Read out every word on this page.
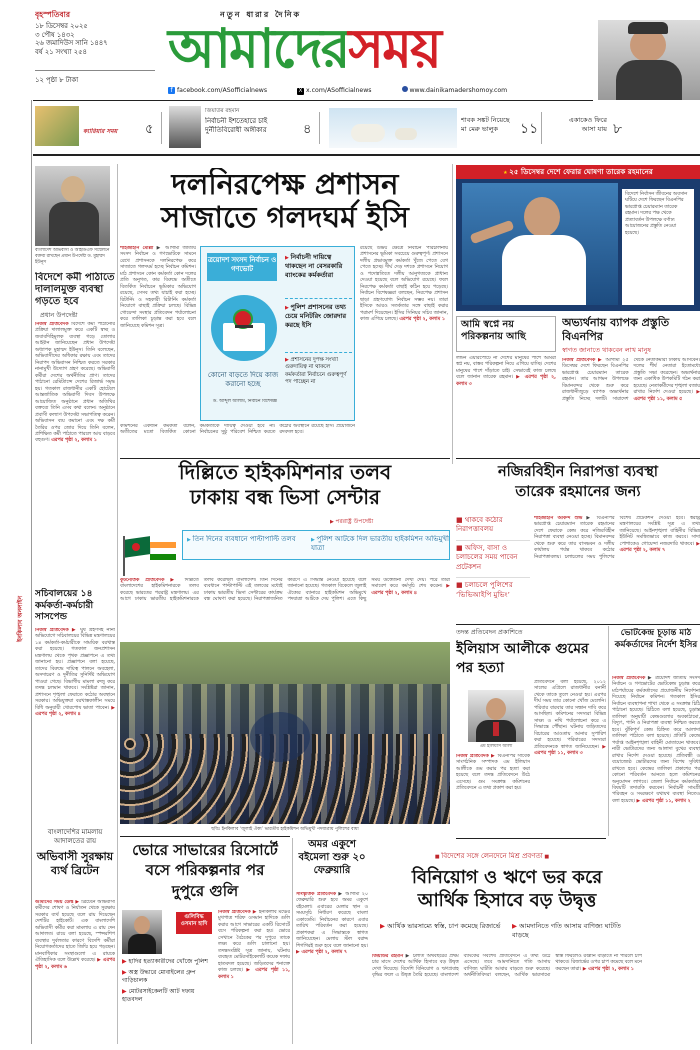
বৃহস্পতিবার
১৮ ডিসেম্বর ২০২৫
৩ পৌষ ১৪৩২
২৬ জমাদিউস সানি ১৪৪৭
বর্ষ ২১ সংখ্যা ২৫৪
১২ পৃষ্ঠা ৮ টাকা
নতুন ধারার দৈনিক
আমাদেরসময়
f facebook.com/ASofficialnews	X x.com/ASofficialnews	www.dainikamadershomoy.com
ক্যারিয়ার সময়	৫
জিয়াউর রহমান
নির্বাচনী ইশতেহারে চাই
দুর্নীতিবিরোধী অঙ্গীকার	৪
শাবক সঙ্কট নিয়েছে
মা মেরু ভালুক	১১
একাকেও ফিরে
আসা যায় ৮
বাংলাদেশ অভিবাসী ও আইডিএফ সম্মেলনে বক্তব্য রাখছেন প্রধান উপদেষ্টা ড. মুহাম্মদ ইউনূস
বিদেশে কর্মী পাঠাতে দালালমুক্ত ব্যবস্থা গড়তে হবে
প্রধান উপদেষ্টা
নিজস্ব প্রতিবেদক বিদেশে কর্মী পাঠানোর প্রক্রিয়া দালালমুক্ত করে একটি স্বচ্ছ ও জবাবদিহিমূলক ব্যবস্থা গড়ে তোলার আহ্বান জানিয়েছেন প্রধান উপদেষ্টা অধ্যাপক মুহাম্মদ ইউনূস। তিনি বলেছেন, অভিবাসীদের অধিকার রক্ষায় এবং তাদের নিরাপদ অভিবাসন নিশ্চিত করতে সরকার নানামুখী উদ্যোগ গ্রহণ করেছে। অভিবাসী কর্মীরা দেশের অর্থনীতির প্রাণ। তাদের পাঠানো রেমিট্যান্সে দেশের রিজার্ভ সমৃদ্ধ হয়। গতকাল রাজধানীর একটি হোটেলে আন্তর্জাতিক অভিবাসী দিবস উপলক্ষে আয়োজিত অনুষ্ঠানে প্রধান অতিথির বক্তব্যে তিনি এসব কথা বলেন। অনুষ্ঠানে প্রবাসী কল্যাণ উপদেষ্টা সভাপতিত্ব করেন। অভিবাসন ব্যয় কমানো এবং দক্ষ কর্মী তৈরির ওপর জোর দিয়ে তিনি বলেন, প্রশিক্ষিত কর্মী পাঠাতে পারলে আয় বাড়বে বহুগুণ। এরপর পৃষ্ঠা ২, কলাম ১
ইনকিলাব অনলাইন
সচিবালয়ের ১৪ কর্মকর্তা-কর্মচারী সাসপেন্ড
নিজস্ব প্রতিবেদক ▶ ঘুষ গ্রহণসহ নানা অভিযোগে সচিবালয়ের বিভিন্ন মন্ত্রণালয়ের ১৪ কর্মকর্তা-কর্মচারীকে সাময়িক বরখাস্ত করা হয়েছে। গতকাল জনপ্রশাসন মন্ত্রণালয় থেকে পৃথক প্রজ্ঞাপনে এ তথ্য জানানো হয়। প্রজ্ঞাপনে বলা হয়েছে, তাদের বিরুদ্ধে দায়িত্ব পালনে অবহেলা, অসদাচরণ ও দুর্নীতির সুনির্দিষ্ট অভিযোগ পাওয়া গেছে। বিভাগীয় মামলা রুজু করে তদন্ত চলমান থাকবে। সংশ্লিষ্টরা জানান, প্রশাসনে শৃঙ্খলা ফেরাতে কঠোর অবস্থানে সরকার। অভিযুক্তরা বরখাস্তকালীন সময়ে বিধি অনুযায়ী খোরপোষ ভাতা পাবেন। ▶ এরপর পৃষ্ঠা ২, কলাম ৪
বাংলাদেশির মামলায় আদালতের রায়
অভিবাসী সুরক্ষায় ব্যর্থ ব্রিটেন
আমাদের সময় ডেস্ক ▶ ব্রিটেনে অভিবাসী কর্মীদের শোষণ ও নির্যাতন থেকে সুরক্ষায় সরকার ব্যর্থ হয়েছে বলে রায় দিয়েছেন দেশটির হাইকোর্ট। এক বাংলাদেশি অভিবাসী কর্মীর করা মামলায় এ রায় দেন আদালত। রায়ে বলা হয়েছে, স্পন্সরশিপ ব্যবস্থার দুর্বলতার কারণে বিদেশি কর্মীরা নিয়োগকর্তাদের হাতে জিম্মি হয়ে পড়ছেন। মানবাধিকার সংস্থাগুলো এ রায়কে ঐতিহাসিক বলে উল্লেখ করেছে। ▶ এরপর পৃষ্ঠা ২, কলাম ৬
দলনিরপেক্ষ প্রশাসন
সাজাতে গলদঘর্ম ইসি
ত্রয়োদশ সংসদ নির্বাচন ও গণভোট
কোনো বাড়তে দিয়ে কাজ করানো হচ্ছে
ড. আব্দুল আলীম, নির্বাচন বিশেষজ্ঞ
▶ নির্বাচনী দায়িত্বে থাকছেন না বেসরকারি ব্যাংকের কর্মকর্তারা
▶ পুলিশ প্রশাসনের তথ্য চেয়ে মনিটরিং জোরদার করছে ইসি
▶ প্রশাসনের দুপক্ষ সংখ্যা গুরুদায়িত্ব না থাকলে কর্মকর্তারা নির্বাচনে গুরুত্বপূর্ণ পদ পাচ্ছেন না
শাহজাহান মোল্লা ▶ আগামী জাতীয় সংসদ নির্বাচন ও গণভোটকে সামনে রেখে প্রশাসনকে দলনিরপেক্ষ করে সাজাতে গলদঘর্ম হচ্ছে নির্বাচন কমিশন। মাঠ প্রশাসনে কোন কর্মকর্তা কোন দলের প্রতি অনুগত, কার বিরুদ্ধে অতীতে বিতর্কিত নির্বাচনে ভূমিকার অভিযোগ রয়েছে, সেসব তথ্য যাচাই করা হচ্ছে। রিটার্নিং ও সহকারী রিটার্নিং কর্মকর্তা নিয়োগে বাছাই প্রক্রিয়া চলছে। বিভিন্ন গোয়েন্দা সংস্থার প্রতিবেদন পর্যালোচনা করে তালিকা চূড়ান্ত করা হবে বলে জানিয়েছে কমিশন সূত্র।
কমিশনের একজন কর্মকর্তা বলেন, অতীতের মতো বিতর্কিত কোনো কর্মকর্তাকে দায়িত্ব দেওয়া হবে না। নির্বাচনের সুষ্ঠু পরিবেশ নিশ্চিত করতে কঠোর অবস্থানে রয়েছে ইসি। প্রয়োজনে রদবদল হবে।
রয়েছে উভয় ক্ষেত্রে নির্বাচন পরিচালনায় প্রশাসনের ভূমিকা সবচেয়ে গুরুত্বপূর্ণ। প্রশাসনে দলীয় প্রভাবমুক্ত কর্মকর্তা খুঁজে পেতে বেগ পেতে হচ্ছে। দীর্ঘ দেড় দশকে প্রশাসনে নিয়োগ ও পদোন্নতিতে দলীয় আনুগত্যকে প্রাধান্য দেওয়া হয়েছে বলে অভিযোগ রয়েছে। ফলে নিরপেক্ষ কর্মকর্তা বাছাই কঠিন হয়ে পড়েছে। নির্বাচন বিশেষজ্ঞরা বলছেন, নিরপেক্ষ প্রশাসন ছাড়া গ্রহণযোগ্য নির্বাচন সম্ভব নয়। তারা ইসিকে আরও সতর্কতার সঙ্গে বাছাই করার পরামর্শ দিয়েছেন। ইসির সিনিয়র সচিব জানান, কাজ এগিয়ে চলছে। এরপর পৃষ্ঠা ২, কলাম ১
★ ২৫ ডিসেম্বর দেশে ফেরার ঘোষণা তারেক রহমানের
বিদেশে নির্বাসন জীবনের অবসান ঘটিয়ে দেশে ফিরছেন বিএনপির ভারপ্রাপ্ত চেয়ারম্যান তারেক রহমান। দলের পক্ষ থেকে প্রত্যাবর্তন উপলক্ষে বর্ণাঢ্য আয়োজনের প্রস্তুতি নেওয়া হয়েছে।
আমি স্বপ্নে নয় পরিকল্পনায় আছি
লন্ডন এয়ারপোর্টে না দেশের মানুষের পাশে আমরা স্বপ্ন নয়, বাস্তব পরিকল্পনা নিয়ে এগিয়ে যাচ্ছি। দেশের মানুষের পাশে দাঁড়াতে চাই। সেভাবেই কাজ চলছে বলে জানান তারেক রহমান। ▶ এরপর পৃষ্ঠা ২, কলাম ৩
অভ্যর্থনায় ব্যাপক প্রস্তুতি বিএনপির
স্বাগত জানাতে থাকবেন লাখ মানুষ
নিজস্ব প্রতিবেদক ▶ আগামী ২৫ ডিসেম্বর দেশে ফিরছেন বিএনপির ভারপ্রাপ্ত চেয়ারম্যান তারেক রহমান। তার আগমন উপলক্ষে বিমানবন্দর থেকে শুরু করে রাজধানীজুড়ে ব্যাপক অভ্যর্থনার প্রস্তুতি নিচ্ছে দলটি। সারাদেশ থেকে নেতাকর্মীরা ঢাকায় আসবেন। দলের শীর্ষ নেতারা ইতোমধ্যে প্রস্তুতি সভা করেছেন। অভ্যর্থনার জন্য একাধিক উপকমিটি গঠন করা হয়েছে। নেতাকর্মীদের শৃঙ্খলা বজায় রাখার নির্দেশ দেওয়া হয়েছে। ▶ এরপর পৃষ্ঠা ১১, কলাম ৫
দিল্লিতে হাইকমিশনার তলব
ঢাকায় বন্ধ ভিসা সেন্টার
▶ পররাষ্ট্র উপদেষ্টা
▶ তিন দিনের ব্যবধানে পাল্টাপাল্টি তলব	▶ পুলিশ আটকে দিল ভারতীয় হাইকমিশন অভিমুখী যাত্রা
কূটনৈতিক প্রতিবেদক ▶ দিল্লিতে বাংলাদেশের হাইকমিশনারকে তলব করেছে ভারতের পররাষ্ট্র মন্ত্রণালয়। এর আগে ঢাকায় ভারতীয় হাইকমিশনারকে তলব করেছিল বাংলাদেশ। তিন দিনের ব্যবধানে পাল্টাপাল্টি এই তলবের মধ্যেই ঢাকায় ভারতীয় ভিসা সেন্টারের কার্যক্রম বন্ধ ঘোষণা করা হয়েছে। নিরাপত্তাজনিত কারণে এ সিদ্ধান্ত নেওয়া হয়েছে বলে জানানো হয়েছে। গতকাল বিকেলে জুলাই ঐক্যের ব্যানারে হাইকমিশন অভিমুখে পদযাত্রা আটকে দেয় পুলিশ। এতে কিছু সময় উত্তেজনা দেখা দেয়। পরে তারা সমাবেশ করে কর্মসূচি শেষ করেন। ▶ এরপর পৃষ্ঠা ২, কলাম ৪
ছবিঃ ইনকিলাব ‘জুলাই ঐক্য’ ভারতীয় হাইকমিশন অভিমুখী পদযাত্রায় পুলিশের বাধা
ভোরে সাভারের রিসোর্টে
বসে পরিকল্পনার পর
দুপুরে গুলি
গুলিবিদ্ধ
ওসমান হাদি
▶ হাদির হত্যাকারীদের খোঁজে পুলিশ
▶ অস্ত্র উদ্ধারে মোবাইলের গ্রুপ গাড়িচালক
▶ মোটরসাইকেলটি আট দফায় হাতবদল
নিজস্ব প্রতিবেদক ▶ ইনকিলাব মঞ্চের মুখপাত্র শরিফ ওসমান হাদিকে গুলি করার আগে সাভারের একটি রিসোর্টে বসে পরিকল্পনা করা হয়। ভোরে সেখানে বৈঠকের পর দুপুরে তাকে লক্ষ্য করে গুলি চালানো হয়। তদন্তসংশ্লিষ্ট সূত্র জানায়, ঘটনায় ব্যবহৃত মোটরসাইকেলটি কয়েক দফায় হাতবদল হয়েছে। জড়িতদের শনাক্তে কাজ চলছে। ▶ এরপর পৃষ্ঠা ১১, কলাম ১
অমর একুশে বইমেলা শুরু ২০ ফেব্রুয়ারি
সাংস্কৃতিক প্রতিবেদক ▶ আগামী ২০ ফেব্রুয়ারি শুরু হবে অমর একুশে বইমেলা। এবারের মেলার স্থান ও সময়সূচি নির্ধারণ করেছে বাংলা একাডেমি। নির্বাচনের কারণে এবার তারিখ পরিবর্তন করা হয়েছে। প্রকাশকরা এ সিদ্ধান্তকে স্বাগত জানিয়েছেন। মেলায় স্টল বরাদ্দ শিগগিরই শুরু হবে বলে জানানো হয়। ▶ এরপর পৃষ্ঠা ২, কলাম ৭
■ বিদেশের সঙ্গে লেনদেনে মিশ্র প্রবণতা ■
বিনিয়োগ ও ঋণে ভর করে
আর্থিক হিসাবে বড় উদ্বৃত্ত
▶ আর্থিক ভারসাম্যে স্বস্তি, চাপ কমেছে রিজার্ভে	▶ আমদানিতে গতি আসায় বাণিজ্য ঘাটতি বাড়ছে
জিয়াউর রহমান ▶ চলতি অর্থবছরের প্রথম চার মাসে দেশের আর্থিক হিসাবে বড় উদ্বৃত্ত দেখা দিয়েছে। বিদেশি বিনিয়োগ ও ঋণপ্রবাহ বৃদ্ধির ফলে এ উদ্বৃত্ত তৈরি হয়েছে। বাংলাদেশ ব্যাংকের সর্বশেষ প্রতিবেদনে এ তথ্য উঠে এসেছে। তবে আমদানিতে গতি আসায় বাণিজ্য ঘাটতি আবার বাড়তে শুরু করেছে। অর্থনীতিবিদরা বলছেন, আর্থিক ভারসাম্যে স্বস্তি ফিরলেও রপ্তানি বাড়াতে না পারলে চাপ থাকবে। রিজার্ভের ওপর চাপ কমেছে বলে মনে করছেন তারা। ▶ এরপর পৃষ্ঠা ২, কলাম ১
নজিরবিহীন নিরাপত্তা ব্যবস্থা
তারেক রহমানের জন্য
■ থাকবে কঠোর নিরাপত্তাবলয়
■ অফিস, বাসা ও চলাচলের সময় পাবেন প্রটেকশন
■ চলাচলে পুলিশের ‘ভিভিআইপি মুভিং’
শাহজাহান আকন্দ শুভ ▶ বিএনপির ভারপ্রাপ্ত চেয়ারম্যান তারেক রহমানের দেশে ফেরাকে কেন্দ্র করে নজিরবিহীন নিরাপত্তা ব্যবস্থা নেওয়া হচ্ছে। বিমানবন্দর থেকে শুরু করে তার বাসভবন ও দলীয় কার্যালয় পর্যন্ত থাকবে কঠোর নিরাপত্তাবলয়। চলাচলের সময় পুলিশের বিশেষ প্রটেকশন দেওয়া হবে। স্বরাষ্ট্র মন্ত্রণালয়ের সংশ্লিষ্ট সূত্র এ তথ্য জানিয়েছে। আইনশৃঙ্খলা বাহিনীর বিভিন্ন ইউনিট সমন্বিতভাবে কাজ করবে। সাদা পোশাকেও গোয়েন্দা নজরদারি থাকবে। ▶ এরপর পৃষ্ঠা ২, কলাম ৭
তদন্ত প্রতিবেদন প্রকাশিতে
ইলিয়াস আলীকে গুমের পর হত্যা
এম ইলিয়াস আলী
নিজস্ব প্রতিবেদক ▶ বিএনপির সাবেক সাংগঠনিক সম্পাদক এম ইলিয়াস আলীকে গুম করার পর হত্যা করা হয়েছে বলে তদন্ত প্রতিবেদনে উঠে এসেছে। গুম সংক্রান্ত কমিশনের প্রতিবেদনে এ তথ্য প্রকাশ করা হয়।
প্রতিবেদনে বলা হয়েছে, ২০১২ সালের এপ্রিলে রাজধানীর বনানী থেকে তাকে তুলে নেওয়া হয়। এরপর দীর্ঘ সময় তার কোনো খোঁজ মেলেনি। পরিবার বারবার তার সন্ধান দাবি করে আসছিল। কমিশনের সদস্যরা বিভিন্ন সাক্ষ্য ও নথি পর্যালোচনা করে এ সিদ্ধান্তে পৌঁছান। ঘটনায় জড়িতদের বিচারের আওতায় আনার সুপারিশ করা হয়েছে। পরিবারের সদস্যরা প্রতিবেদনকে স্বাগত জানিয়েছেন। ▶ এরপর পৃষ্ঠা ১১, কলাম ৩
ভোটকেন্দ্র চূড়ান্ত মাঠ কর্মকর্তাদের নির্দেশ ইসির
নিজস্ব প্রতিবেদক ▶ ত্রয়োদশ জাতীয় সংসদ নির্বাচন ও গণভোটের ভোটকেন্দ্র চূড়ান্ত করে মাঠপর্যায়ের কর্মকর্তাদের প্রয়োজনীয় নির্দেশনা দিয়েছে নির্বাচন কমিশন। গতকাল ইসির নির্বাচন ব্যবস্থাপনা শাখা থেকে এ সংক্রান্ত চিঠি পাঠানো হয়েছে। চিঠিতে বলা হয়েছে, চূড়ান্ত তালিকা অনুযায়ী কেন্দ্রগুলোর অবকাঠামো, বিদ্যুৎ, পানি ও নিরাপত্তা ব্যবস্থা নিশ্চিত করতে হবে। ঝুঁকিপূর্ণ কেন্দ্র চিহ্নিত করে আলাদা তালিকা পাঠাতে বলা হয়েছে। প্রতিটি কেন্দ্রে পর্যাপ্ত আইনশৃঙ্খলা বাহিনী মোতায়েন থাকবে। নারী ভোটারদের জন্য আলাদা বুথের ব্যবস্থা রাখার নির্দেশ দেওয়া হয়েছে। প্রতিবন্ধী ও বয়োজ্যেষ্ঠ ভোটারদের জন্য বিশেষ সুবিধা রাখতে হবে। কেন্দ্রের তালিকা প্রকাশের পর কোনো পরিবর্তন আনতে হলে কমিশনের অনুমোদন লাগবে। জেলা নির্বাচন কর্মকর্তারা বিষয়টি তদারকি করবেন। নির্বাচনী সামগ্রী পরিবহন ও সংরক্ষণে যথাযথ ব্যবস্থা নিতেও বলা হয়েছে। ▶ এরপর পৃষ্ঠা ১১, কলাম ২
